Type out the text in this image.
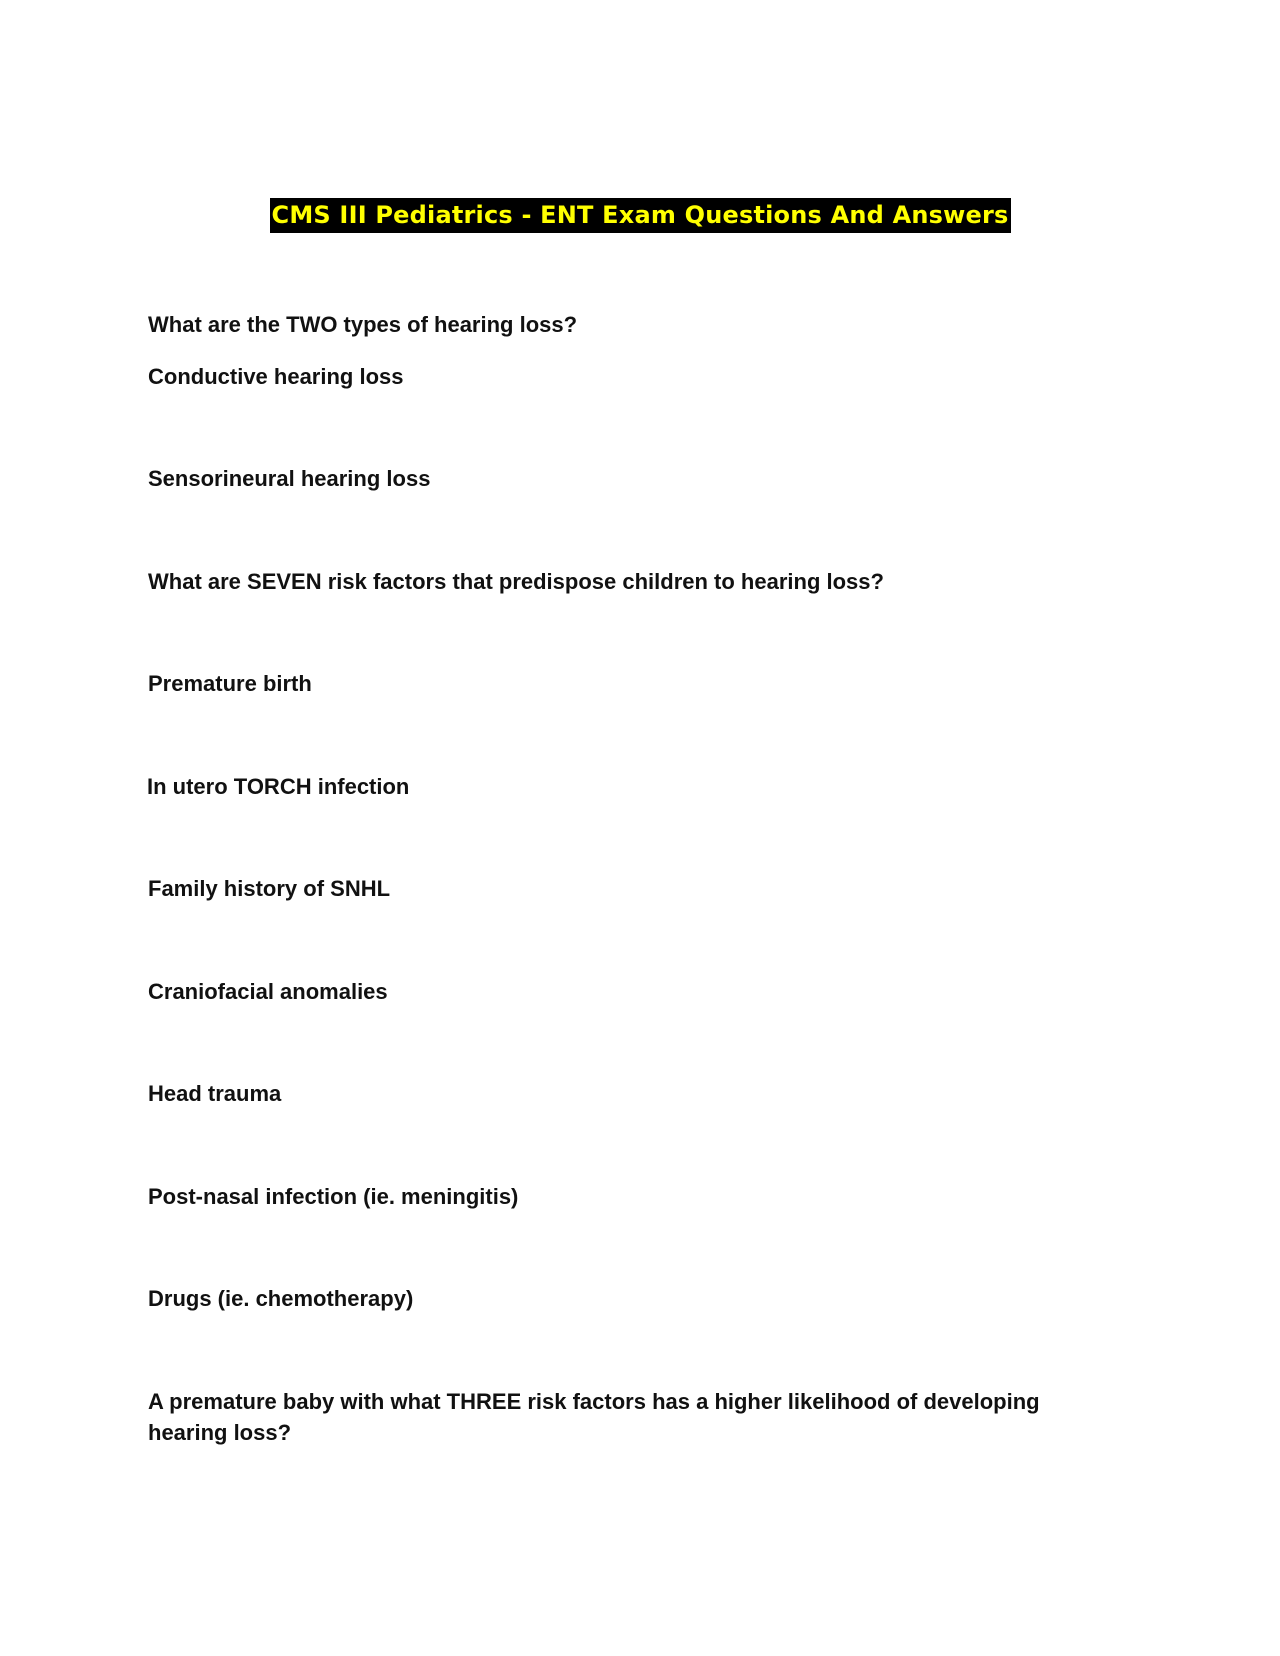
CMS III Pediatrics - ENT Exam Questions And Answers
What are the TWO types of hearing loss?
Conductive hearing loss
Sensorineural hearing loss
What are SEVEN risk factors that predispose children to hearing loss?
Premature birth
In utero TORCH infection
Family history of SNHL
Craniofacial anomalies
Head trauma
Post-nasal infection (ie. meningitis)
Drugs (ie. chemotherapy)
A premature baby with what THREE risk factors has a higher likelihood of developing hearing loss?
